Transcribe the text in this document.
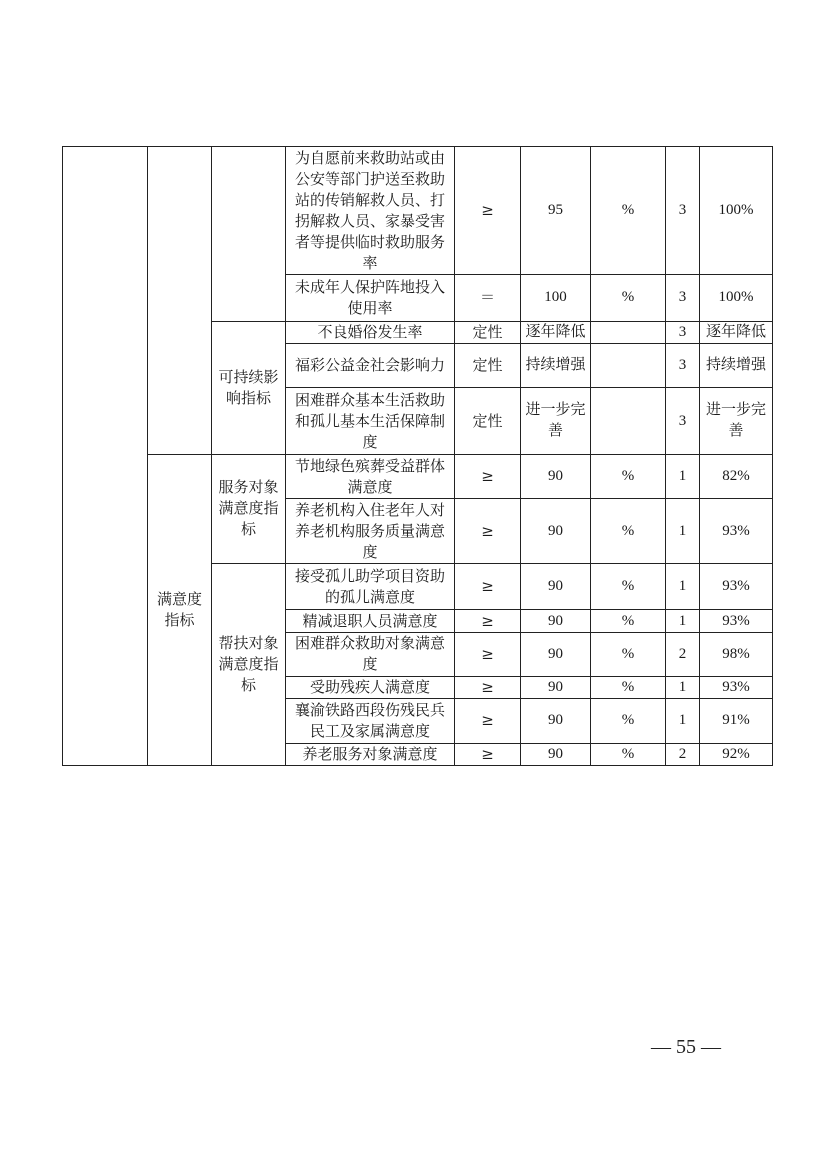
			为自愿前来救助站或由公安等部门护送至救助站的传销解救人员、打拐解救人员、家暴受害者等提供临时救助服务率	≥	95	%	3	100%
			未成年人保护阵地投入使用率	＝	100	%	3	100%
		可持续影响指标	不良婚俗发生率	定性	逐年降低		3	逐年降低
			福彩公益金社会影响力	定性	持续增强		3	持续增强
			困难群众基本生活救助和孤儿基本生活保障制度	定性	进一步完善		3	进一步完善
	满意度指标	服务对象满意度指标	节地绿色殡葬受益群体满意度	≥	90	%	1	82%
			养老机构入住老年人对养老机构服务质量满意度	≥	90	%	1	93%
		帮扶对象满意度指标	接受孤儿助学项目资助的孤儿满意度	≥	90	%	1	93%
			精减退职人员满意度	≥	90	%	1	93%
			困难群众救助对象满意度	≥	90	%	2	98%
			受助残疾人满意度	≥	90	%	1	93%
			襄渝铁路西段伤残民兵民工及家属满意度	≥	90	%	1	91%
			养老服务对象满意度	≥	90	%	2	92%
— 55 —
